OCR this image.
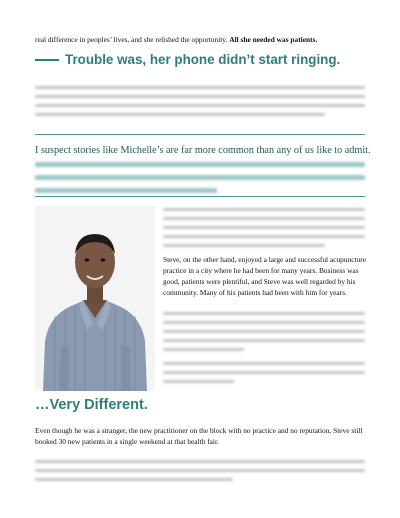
real difference in peoples’ lives, and she relished the opportunity. All she needed was patients.
Trouble was, her phone didn’t start ringing.
I suspect stories like Michelle’s are far more common than any of us like to admit.
Steve, on the other hand, enjoyed a large and successful acupuncture practice in a city where he had been for many years. Business was good, patients were plentiful, and Steve was well regarded by his community. Many of his patients had been with him for years.
…Very Different.
Even though he was a stranger, the new practitioner on the block with no practice and no reputation, Steve still booked 30 new patients in a single weekend at that health fair.
